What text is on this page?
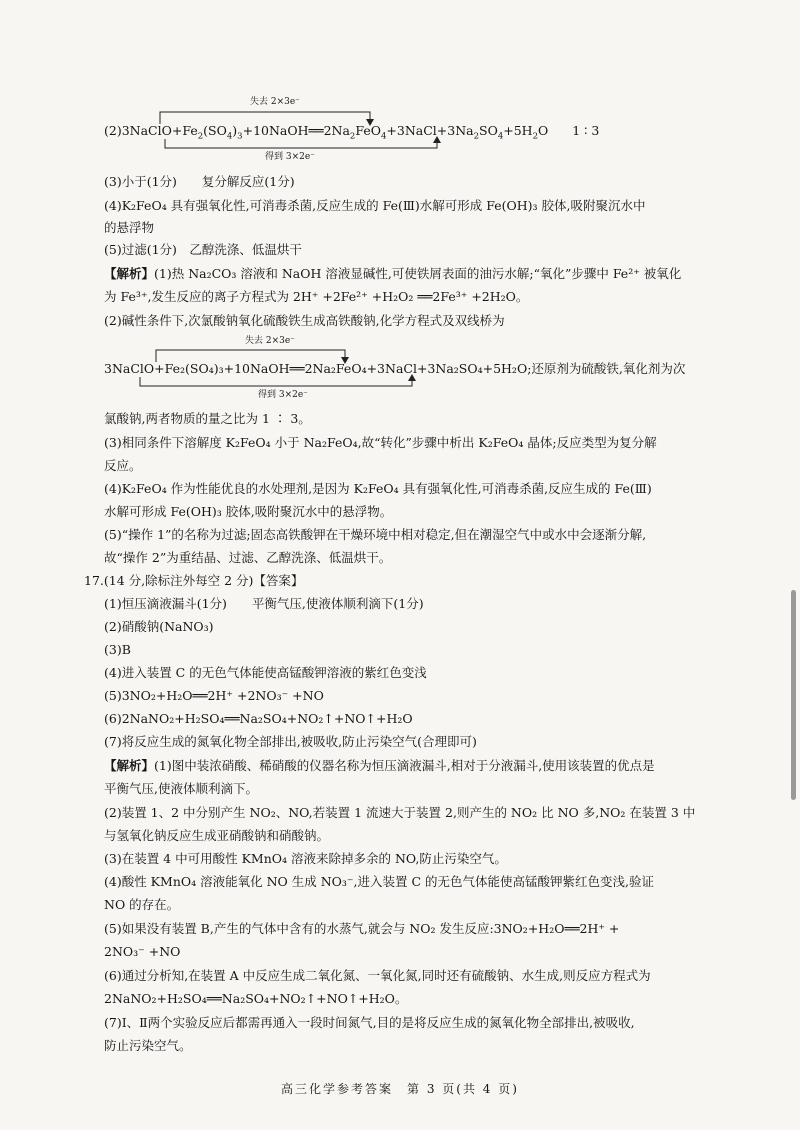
失去 2×3e⁻
$(2)3NaClO+Fe_2(SO_4)_3+10NaOH══2Na_2FeO_4+3NaCl+3Na_2SO_4+5H_2O$ 1 ∶ 3
得到 3×2e⁻
(3)小于(1分)　　复分解反应(1分)
(4)K₂FeO₄ 具有强氧化性,可消毒杀菌,反应生成的 Fe(Ⅲ)水解可形成 Fe(OH)₃ 胶体,吸附聚沉水中
的悬浮物
(5)过滤(1分)　乙醇洗涤、低温烘干
【解析】(1)热 Na₂CO₃ 溶液和 NaOH 溶液显碱性,可使铁屑表面的油污水解;“氧化”步骤中 Fe²⁺ 被氧化
为 Fe³⁺,发生反应的离子方程式为 2H⁺ +2Fe²⁺ +H₂O₂ ══2Fe³⁺ +2H₂O。
(2)碱性条件下,次氯酸钠氧化硫酸铁生成高铁酸钠,化学方程式及双线桥为
失去 2×3e⁻
3NaClO+Fe₂(SO₄)₃+10NaOH══2Na₂FeO₄+3NaCl+3Na₂SO₄+5H₂O;还原剂为硫酸铁,氧化剂为次
得到 3×2e⁻
氯酸钠,两者物质的量之比为 1 ∶ 3。
(3)相同条件下溶解度 K₂FeO₄ 小于 Na₂FeO₄,故“转化”步骤中析出 K₂FeO₄ 晶体;反应类型为复分解
反应。
(4)K₂FeO₄ 作为性能优良的水处理剂,是因为 K₂FeO₄ 具有强氧化性,可消毒杀菌,反应生成的 Fe(Ⅲ)
水解可形成 Fe(OH)₃ 胶体,吸附聚沉水中的悬浮物。
(5)“操作 1”的名称为过滤;固态高铁酸钾在干燥环境中相对稳定,但在潮湿空气中或水中会逐渐分解,
故“操作 2”为重结晶、过滤、乙醇洗涤、低温烘干。
17.(14 分,除标注外每空 2 分)【答案】
(1)恒压滴液漏斗(1分)　　平衡气压,使液体顺利滴下(1分)
(2)硝酸钠(NaNO₃)
(3)B
(4)进入装置 C 的无色气体能使高锰酸钾溶液的紫红色变浅
(5)3NO₂+H₂O══2H⁺ +2NO₃⁻ +NO
(6)2NaNO₂+H₂SO₄══Na₂SO₄+NO₂↑+NO↑+H₂O
(7)将反应生成的氮氧化物全部排出,被吸收,防止污染空气(合理即可)
【解析】(1)图中装浓硝酸、稀硝酸的仪器名称为恒压滴液漏斗,相对于分液漏斗,使用该装置的优点是
平衡气压,使液体顺利滴下。
(2)装置 1、2 中分别产生 NO₂、NO,若装置 1 流速大于装置 2,则产生的 NO₂ 比 NO 多,NO₂ 在装置 3 中
与氢氧化钠反应生成亚硝酸钠和硝酸钠。
(3)在装置 4 中可用酸性 KMnO₄ 溶液来除掉多余的 NO,防止污染空气。
(4)酸性 KMnO₄ 溶液能氧化 NO 生成 NO₃⁻,进入装置 C 的无色气体能使高锰酸钾紫红色变浅,验证
NO 的存在。
(5)如果没有装置 B,产生的气体中含有的水蒸气,就会与 NO₂ 发生反应:3NO₂+H₂O══2H⁺ +
2NO₃⁻ +NO
(6)通过分析知,在装置 A 中反应生成二氧化氮、一氧化氮,同时还有硫酸钠、水生成,则反应方程式为
2NaNO₂+H₂SO₄══Na₂SO₄+NO₂↑+NO↑+H₂O。
(7)Ⅰ、Ⅱ两个实验反应后都需再通入一段时间氮气,目的是将反应生成的氮氧化物全部排出,被吸收,
防止污染空气。
高三化学参考答案　第 3 页(共 4 页)
